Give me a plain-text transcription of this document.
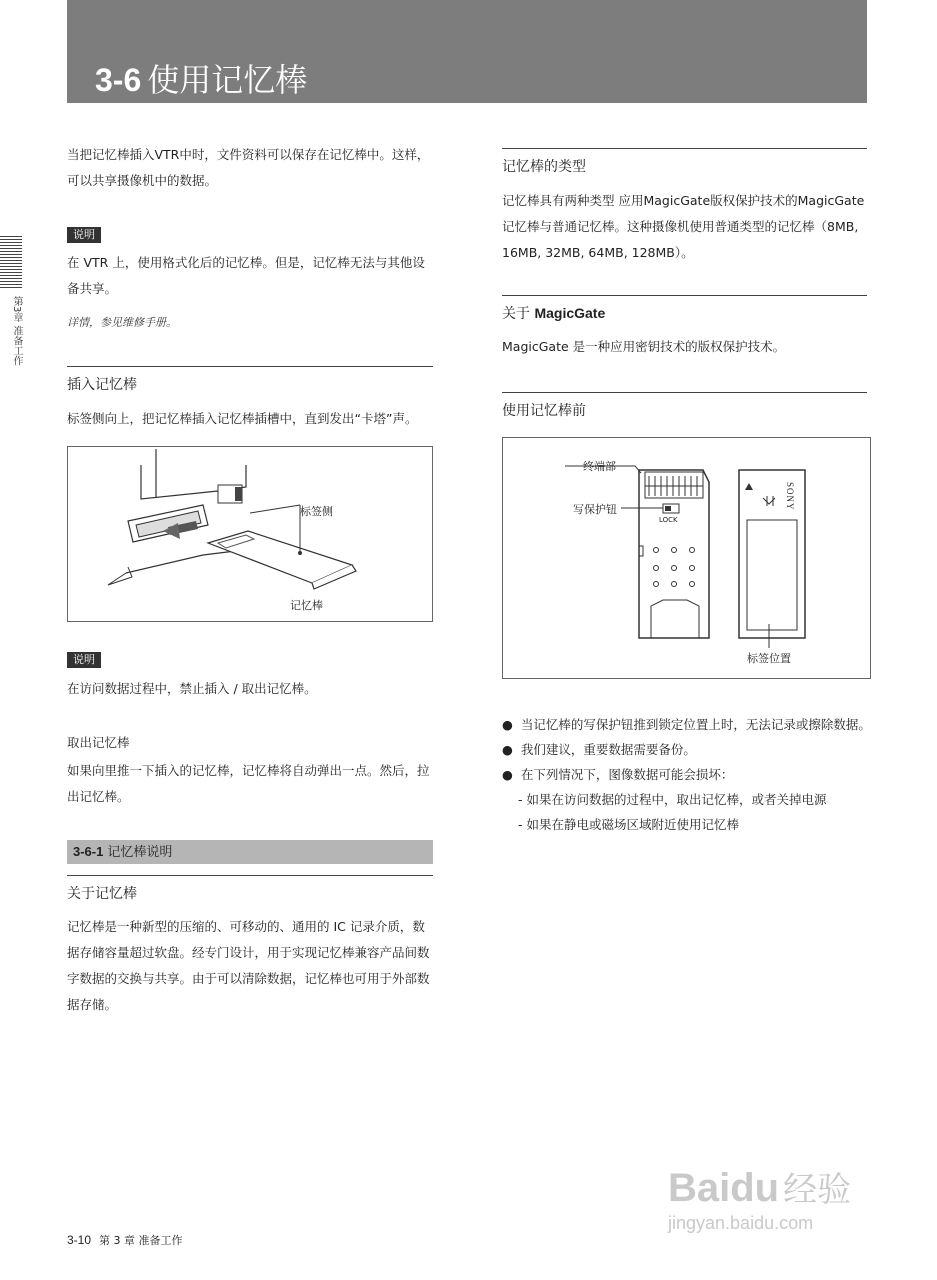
3-6 使用记忆棒
第3章 准备工作
当把记忆棒插入VTR中时，文件资料可以保存在记忆棒中。这样，可以共享摄像机中的数据。
说明
在 VTR 上，使用格式化后的记忆棒。但是，记忆棒无法与其他设备共享。
详情，参见维修手册。
插入记忆棒
标签侧向上，把记忆棒插入记忆棒插槽中，直到发出“卡塔”声。
标签侧
记忆棒
说明
在访问数据过程中，禁止插入 / 取出记忆棒。
取出记忆棒
如果向里推一下插入的记忆棒，记忆棒将自动弹出一点。然后，拉出记忆棒。
3-6-1 记忆棒说明
关于记忆棒
记忆棒是一种新型的压缩的、可移动的、通用的 IC 记录介质，数据存储容量超过软盘。经专门设计，用于实现记忆棒兼容产品间数字数据的交换与共享。由于可以清除数据，记忆棒也可用于外部数据存储。
记忆棒的类型
记忆棒具有两种类型 应用MagicGate版权保护技术的MagicGate记忆棒与普通记忆棒。这种摄像机使用普通类型的记忆棒（8MB, 16MB, 32MB, 64MB, 128MB）。
关于 MagicGate
MagicGate 是一种应用密钥技术的版权保护技术。
使用记忆棒前
终端部
写保护钮
LOCK
SONY
标签位置
● 当记忆棒的写保护钮推到锁定位置上时，无法记录或擦除数据。
● 我们建议，重要数据需要备份。
● 在下列情况下，图像数据可能会损坏：
- 如果在访问数据的过程中，取出记忆棒，或者关掉电源
- 如果在静电或磁场区域附近使用记忆棒
3-10 第 3 章 准备工作
Baidu 经验
jingyan.baidu.com
